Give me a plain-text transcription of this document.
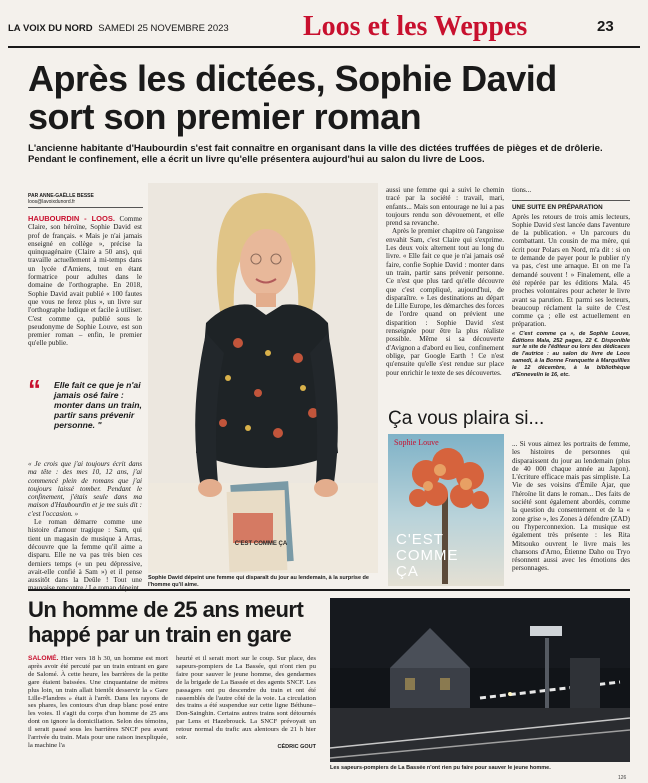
LA VOIX DU NORD SAMEDI 25 NOVEMBRE 2023	Loos et les Weppes	23
Après les dictées, Sophie David
sort son premier roman
L'ancienne habitante d'Haubourdin s'est fait connaître en organisant dans la ville des dictées truffées de pièges et de drôlerie. Pendant le confinement, elle a écrit un livre qu'elle présentera aujourd'hui au salon du livre de Loos.
PAR ANNE-GAËLLE BESSE
loos@lavoixdunord.fr

HAUBOURDIN - LOOS. Comme Claire, son héroïne, Sophie David est prof de français. « Mais je n'ai jamais enseigné en collège », précise la quinquagénaire (Claire a 50 ans), qui travaille actuellement à mi-temps dans un lycée d'Amiens, tout en étant formatrice pour adultes dans le domaine de l'orthographe. En 2018, Sophie David avait publié « 100 fautes que vous ne ferez plus », un livre sur l'orthographe ludique et facile à utiliser. C'est comme ça, publié sous le pseudonyme de Sophie Louve, est son premier roman – enfin, le premier qu'elle publie.

“	Elle fait ce que je n'ai jamais osé faire : monter dans un train, partir sans prévenir personne. "

« Je crois que j'ai toujours écrit dans ma tête : des mes 10, 12 ans, j'ai commencé plein de romans que j'ai toujours laissé tomber. Pendant le confinement, j'étais seule dans ma maison d'Haubourdin et je me suis dit : c'est l'occasion. »

Le roman démarre comme une histoire d'amour tragique : Sam, qui tient un magasin de musique à Arras, découvre que la femme qu'il aime a disparu. Elle ne va pas très bien ces derniers temps (« un peu dépressive, avait-elle confié à Sam ») et il pense aussitôt dans la Deûle ! Tout une

C'EST COMME ÇA
Sophie David dépeint une femme qui disparaît du jour au lendemain, à la surprise de l'homme qu'il aime.

aussi une femme qui a suivi le chemin tracé par la société : travail, mari, enfants... Mais son entourage ne lui a pas toujours rendu son dévouement, et elle prend sa revanche.

Après le premier chapitre où l'angoisse envahit Sam, c'est Claire qui s'exprime. Les deux voix alternent tout au long du livre. « Elle fait ce que je n'ai jamais osé faire, confie Sophie David : monter dans un train, partir sans prévenir personne. Ce n'est que plus tard qu'elle découvre que c'est compliqué, aujourd'hui, de disparaître. » Les destinations au départ de Lille Europe, les démarches des forces de l'ordre quand on prévient une disparition : Sophie David s'est renseignée pour être la plus réaliste possible. Même si sa découverte d'Avignon a d'abord eu lieu, confinement oblige, par Google Earth ! Ce n'est qu'ensuite qu'elle s'est rendue sur place pour enrichir le texte de ses découvertes.

tions...

UNE SUITE EN PRÉPARATION

Après les retours de trois amis lecteurs, Sophie David s'est lancée dans l'aventure de la publication. « Un parcours du combattant. Un cousin de ma mère, qui écrit pour Polars en Nord, m'a dit : si on te demande de payer pour le publier n'y va pas, c'est une arnaque. Et on me l'a demandé souvent ! » Finalement, elle a été repérée par les éditions Mala. 45 proches volontaires pour acheter le livre avant sa parution. Et parmi ses lecteurs, beaucoup réclament la suite de C'est comme ça ; elle est actuellement en préparation.

« C'est comme ça », de Sophie Louve, Éditions Mala, 252 pages, 22 €. Disponible sur le site de l'éditeur ou lors des dédicaces de l'autrice : au salon du livre de Loos samedi, à la Bonne Franquette à Marquillies le 12 décembre, à la bibliothèque d'Ennevelin le 16, etc.

Ça vous plaira si...
Sophie Louve
C'EST
COMME
ÇA
... Si vous aimez les portraits de femme, les histoires de personnes qui disparaissent du jour au lendemain (plus de 40 000 chaque année au Japon). L'écriture efficace mais pas simpliste. La Vie de ses voisins d'Émile Ajar, que l'héroïne lit dans le roman... Des faits de société sont également abordés, comme la question du consentement et de la « zone grise », les Zones à défendre (ZAD) ou l'hyperconnexion. La musique est également très présente : les Rita Mitsouko ouvrent le livre mais les chansons d'Arno, Étienne Daho ou Tryo résonnent aussi avec les émotions des personnages.
Un homme de 25 ans meurt
happé par un train en gare

SALOMÉ. Hier vers 18 h 30, un homme est mort après avoir été percuté par un train entrant en gare de Salomé. À cette heure, les barrières de la petite gare étaient baissées. Une cinquantaine de mètres plus loin, un train allait bientôt desservir la « Gare Lille-Flandres » était à l'arrêt. Dans les rayons de ses phares, les contours d'un drap blanc posé entre les voies. Il s'agit du corps d'un homme de 25 ans dont on ignore la domiciliation. Selon des témoins, il serait passé sous les barrières SNCF peu avant l'arrivée du train. Mais pour une raison inexpliquée, la machine l'a

heurté et il serait mort sur le coup. Sur place, des sapeurs-pompiers de La Bassée, qui n'ont rien pu faire pour sauver le jeune homme, des gendarmes de la brigade de La Bassée et des agents SNCF. Les passagers ont pu descendre du train et ont été rassemblés de l'autre côté de la voie. La circulation des trains a été suspendue sur cette ligne Béthune–Don-Sainghin. Certains autres trains sont détournés par Lens et Hazebrouck. La SNCF prévoyait un retour normal du trafic aux alentours de 21 h hier soir.

CÉDRIC GOUT

Les sapeurs-pompiers de La Bassée n'ont rien pu faire pour sauver le jeune homme.
126
